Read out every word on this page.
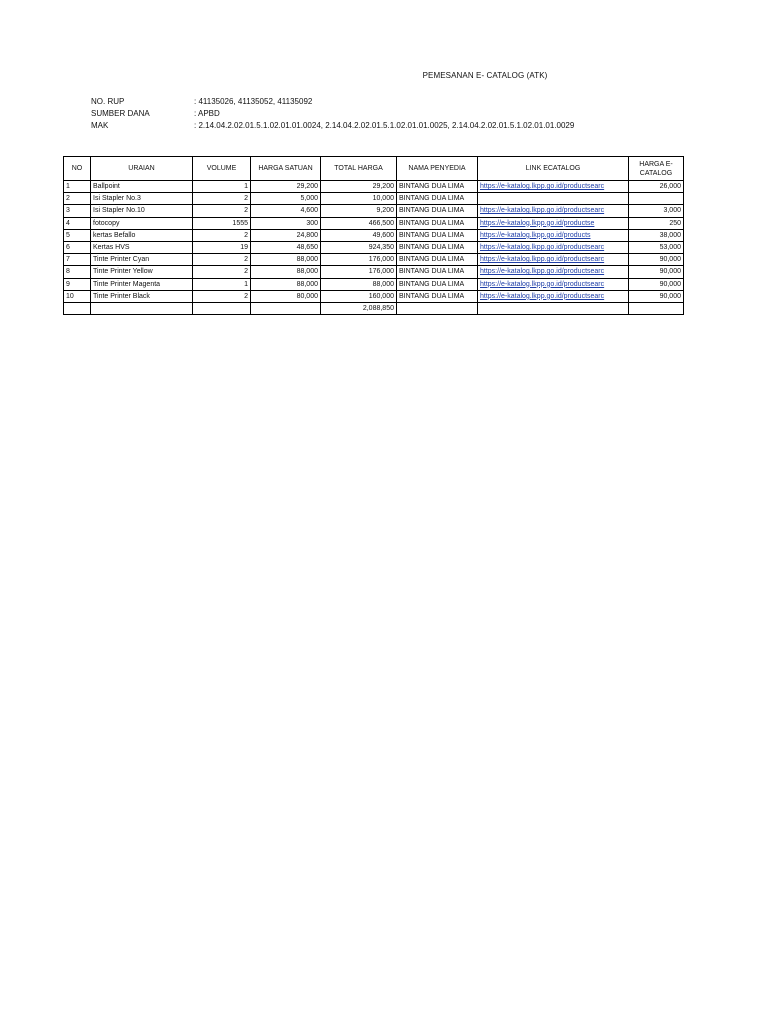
PEMESANAN E- CATALOG (ATK)
NO. RUP	: 41135026, 41135052, 41135092
SUMBER DANA	: APBD
MAK	: 2.14.04.2.02.01.5.1.02.01.01.0024, 2.14.04.2.02.01.5.1.02.01.01.0025, 2.14.04.2.02.01.5.1.02.01.01.0029
NO	URAIAN	VOLUME	HARGA SATUAN	TOTAL HARGA	NAMA PENYEDIA	LINK ECATALOG	HARGA E-
CATALOG
1	Ballpoint	1	29,200	29,200	BINTANG DUA LIMA	https://e-katalog.lkpp.go.id/productsearc	26,000
2	Isi Stapler No.3	2	5,000	10,000	BINTANG DUA LIMA		
3	Isi Stapler No.10	2	4,600	9,200	BINTANG DUA LIMA	https://e-katalog.lkpp.go.id/productsearc	3,000
4	fotocopy	1555	300	466,500	BINTANG DUA LIMA	https://e-katalog.lkpp.go.id/productse	250
5	kertas Befallo	2	24,800	49,600	BINTANG DUA LIMA	https://e-katalog.lkpp.go.id/products	38,000
6	Kertas HVS	19	48,650	924,350	BINTANG DUA LIMA	https://e-katalog.lkpp.go.id/productsearc	53,000
7	Tinte Printer Cyan	2	88,000	176,000	BINTANG DUA LIMA	https://e-katalog.lkpp.go.id/productsearc	90,000
8	Tinte Printer Yellow	2	88,000	176,000	BINTANG DUA LIMA	https://e-katalog.lkpp.go.id/productsearc	90,000
9	Tinte Printer Magenta	1	88,000	88,000	BINTANG DUA LIMA	https://e-katalog.lkpp.go.id/productsearc	90,000
10	Tinte Printer Black	2	80,000	160,000	BINTANG DUA LIMA	https://e-katalog.lkpp.go.id/productsearc	90,000
				2,088,850			
